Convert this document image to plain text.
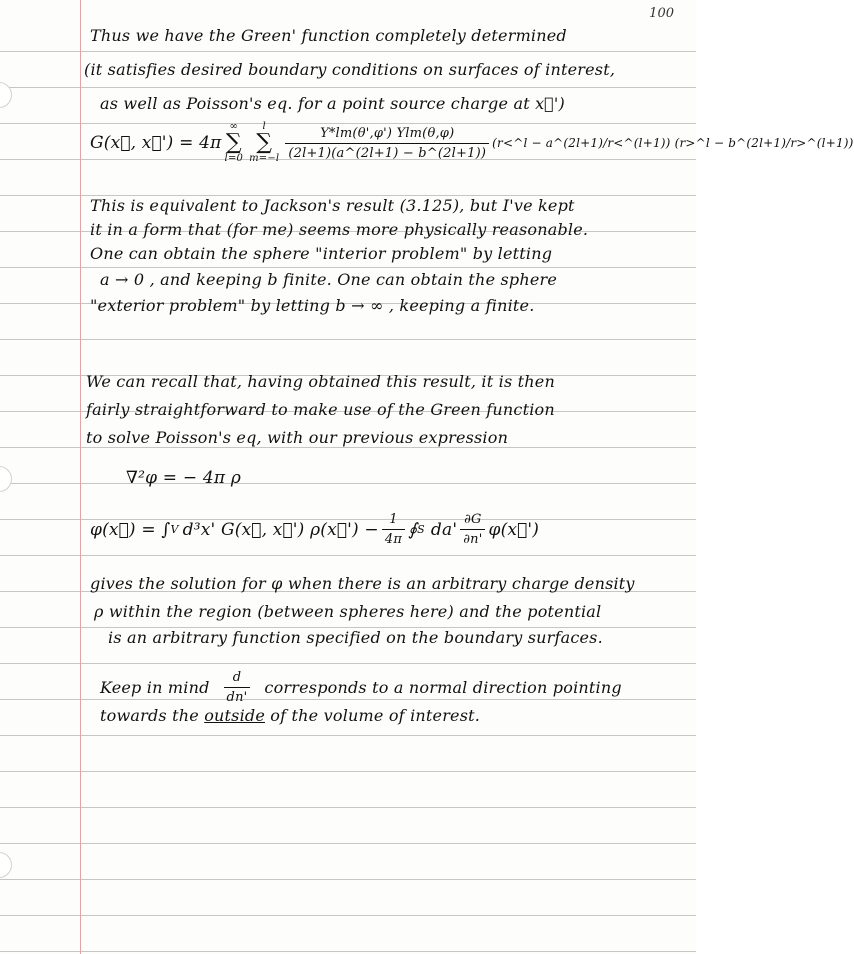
100
Thus we have the Green' function completely determined
(it satisfies desired boundary conditions on surfaces of interest,
as well as Poisson's eq. for a point source charge at x⃗')
G(x⃗, x⃗') = 4π
∞
∑
l=0
l
∑
$m=-l \frac{\text{Y*lm(θ',φ') Ylm(θ,φ)}}{(2l+1)(a\^{}(2l+1) - b\^{}(2l+1))}$ (r<^l − a^(2l+1)/r<^(l+1)) (r>^l − b^(2l+1)/r>^(l+1))
This is equivalent to Jackson's result (3.125), but I've kept
it in a form that (for me) seems more physically reasonable.
One can obtain the sphere "interior problem" by letting
a → 0 , and keeping b finite. One can obtain the sphere
"exterior problem" by letting b → ∞ , keeping a finite.
We can recall that, having obtained this result, it is then
fairly straightforward to make use of the Green function
to solve Poisson's eq, with our previous expression
∇²φ = − 4π ρ
φ(x⃗) = ∫ V d³x' G(x⃗, x⃗') ρ(x⃗') − $\frac{1}{4\pi}$ ∮ S $da' \frac{\partial G}{\partial n'}$ φ(x⃗')
gives the solution for φ when there is an arbitrary charge density
ρ within the region (between spheres here) and the potential
is an arbitrary function specified on the boundary surfaces.
Keep in mind $\frac{d}{dn'}$ corresponds to a normal direction pointing
towards the outside of the volume of interest.
